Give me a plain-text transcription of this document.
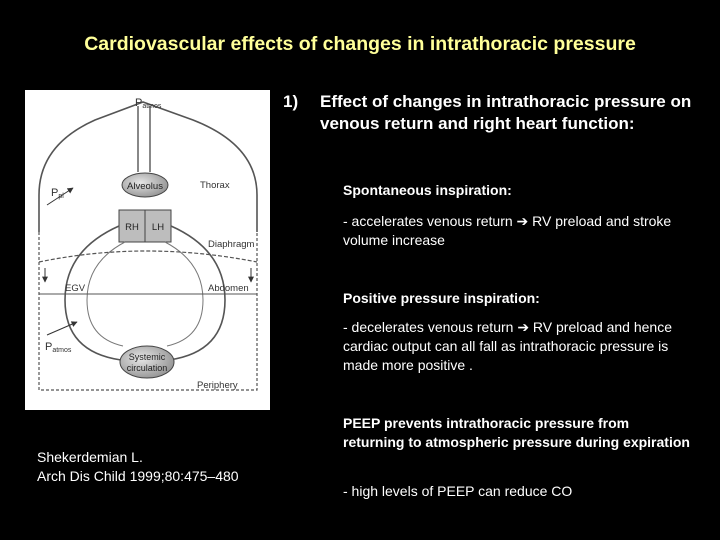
Cardiovascular effects of changes in intrathoracic pressure
Patmos
Ppl
Alveolus	Thorax
RH LH
Diaphragm
EGV	Abdomen
Patmos
Systemic
circulation
Periphery
Shekerdemian L.
Arch Dis Child 1999;80:475–480
1) Effect of changes in intrathoracic pressure on venous return and right heart function:
Spontaneous inspiration:
- accelerates venous return ➔ RV preload and stroke volume increase
Positive pressure inspiration:
- decelerates venous return ➔ RV preload and hence cardiac output can all fall as intrathoracic pressure is made more positive .
PEEP prevents intrathoracic pressure from returning to atmospheric pressure during expiration
- high levels of PEEP can reduce CO
